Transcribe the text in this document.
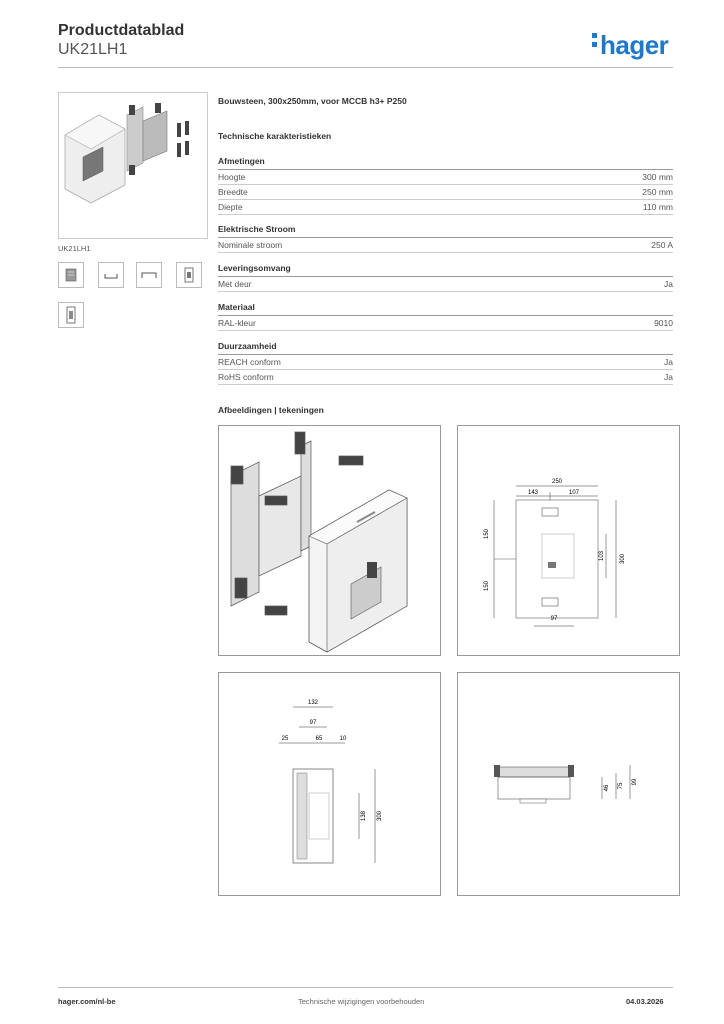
Productdatablad
UK21LH1	hager
UK21LH1
Bouwsteen, 300x250mm, voor MCCB h3+ P250
Technische karakteristieken
Afmetingen
Hoogte	300 mm
Breedte	250 mm
Diepte	110 mm
Elektrische Stroom
Nominale stroom	250 A
Leveringsomvang
Met deur	Ja
Materiaal
RAL-kleur	9010
Duurzaamheid
REACH conform	Ja
RoHS conform	Ja
Afbeeldingen | tekeningen
250
143	107
150
150
103	300
97
132
97
25	65	10
138 300
46 75
99
hager.com/nl-be	Technische wijzigingen voorbehouden	04.03.2026
